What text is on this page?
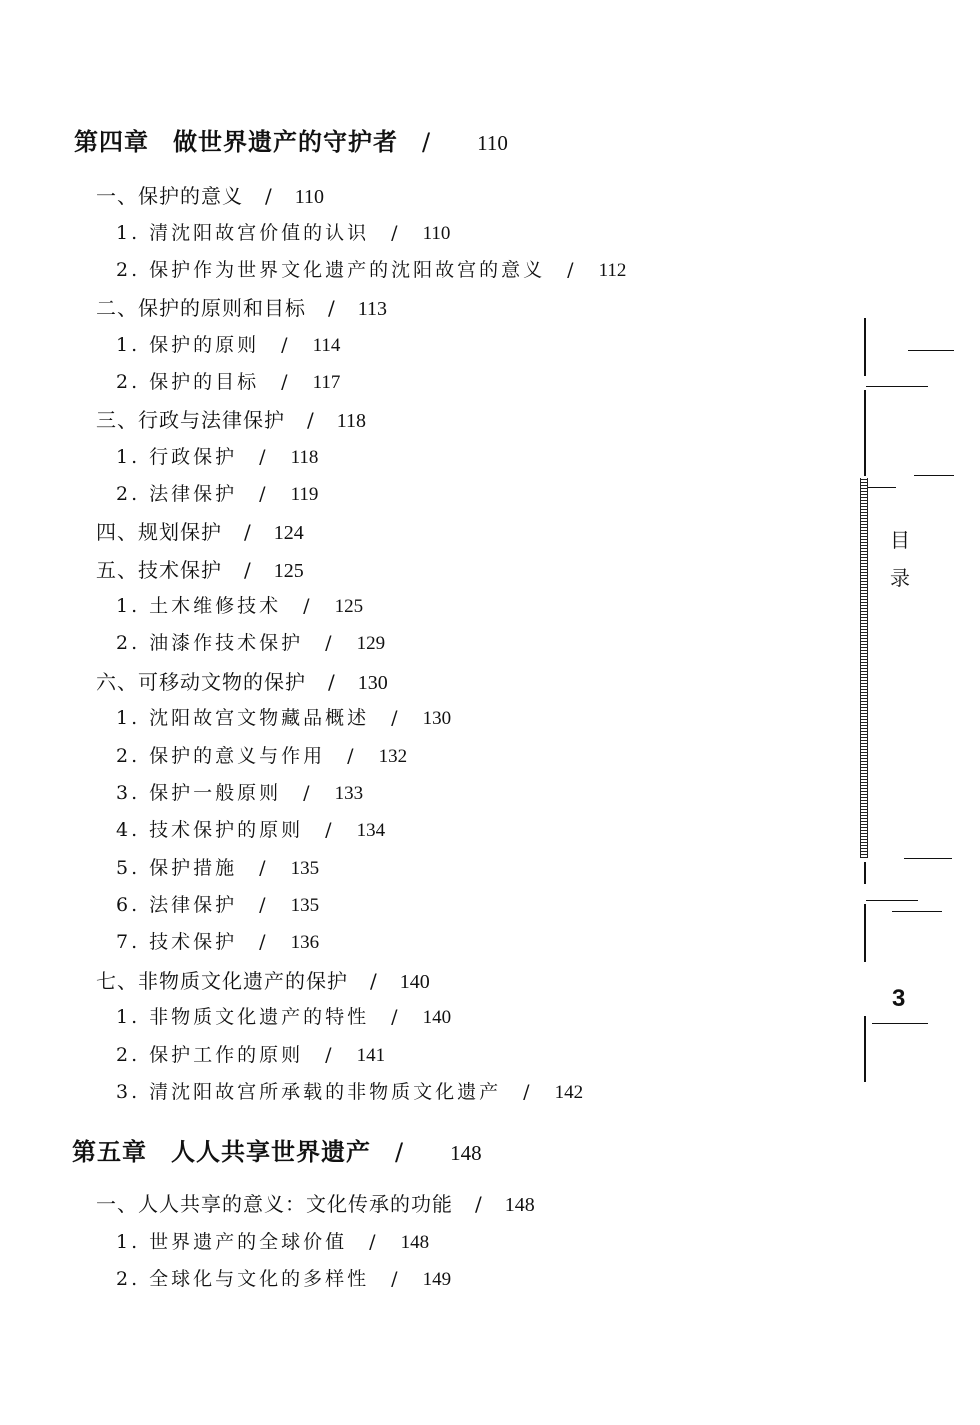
第四章 做世界遗产的守护者 / 110
一、保护的意义 / 110
1. 清沈阳故宫价值的认识 / 110
2. 保护作为世界文化遗产的沈阳故宫的意义 / 112
二、保护的原则和目标 / 113
1. 保护的原则 / 114
2. 保护的目标 / 117
三、行政与法律保护 / 118
1. 行政保护 / 118
2. 法律保护 / 119
四、规划保护 / 124
五、技术保护 / 125
1. 土木维修技术 / 125
2. 油漆作技术保护 / 129
六、可移动文物的保护 / 130
1. 沈阳故宫文物藏品概述 / 130
2. 保护的意义与作用 / 132
3. 保护一般原则 / 133
4. 技术保护的原则 / 134
5. 保护措施 / 135
6. 法律保护 / 135
7. 技术保护 / 136
七、非物质文化遗产的保护 / 140
1. 非物质文化遗产的特性 / 140
2. 保护工作的原则 / 141
3. 清沈阳故宫所承载的非物质文化遗产 / 142
第五章 人人共享世界遗产 / 148
一、人人共享的意义：文化传承的功能 / 148
1. 世界遗产的全球价值 / 148
2. 全球化与文化的多样性 / 149
目
录
3
